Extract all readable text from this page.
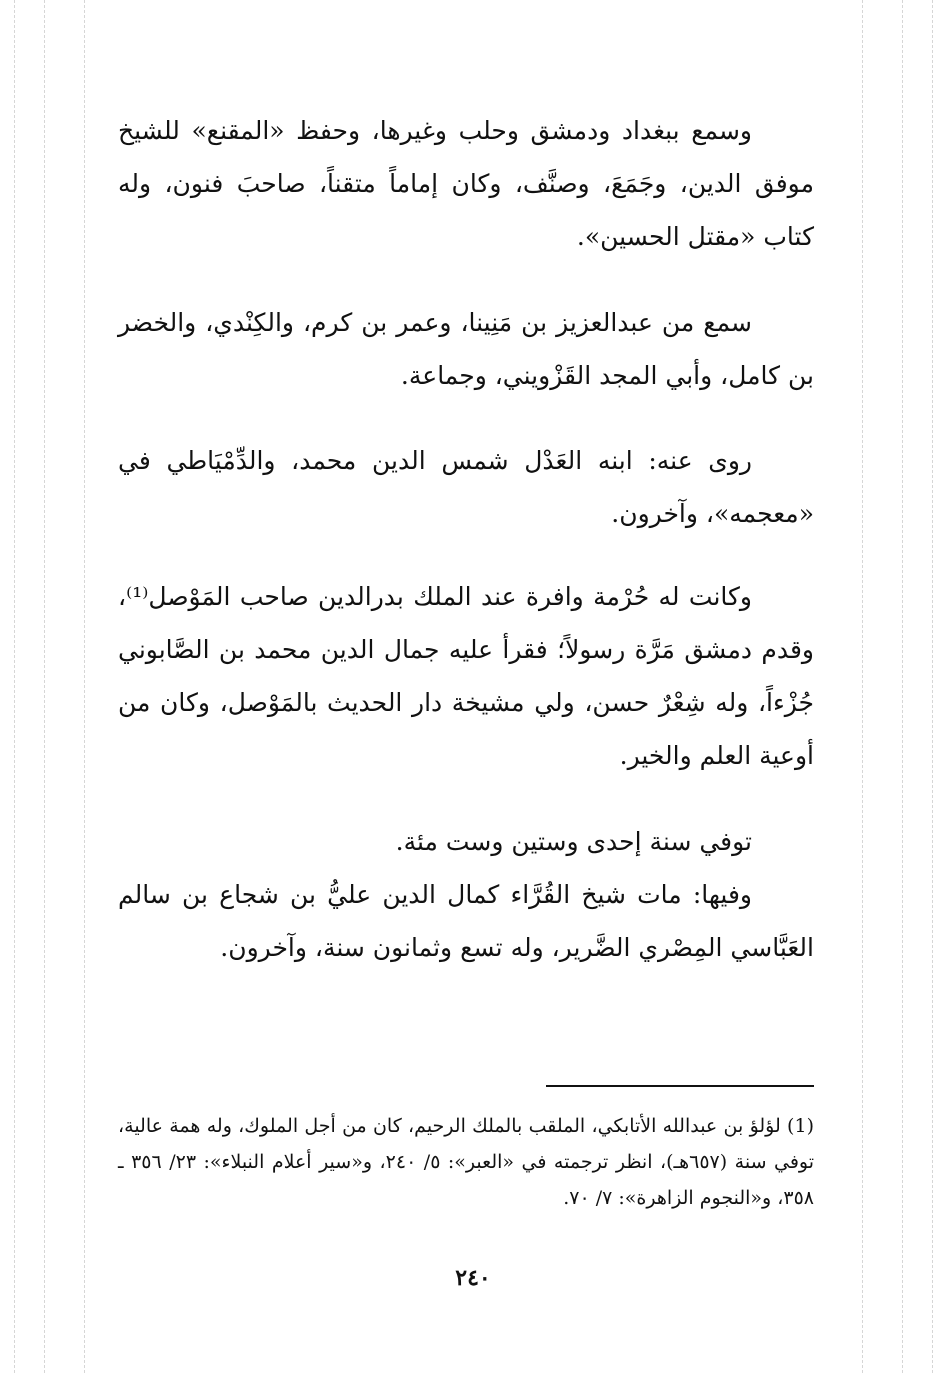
وسمع ببغداد ودمشق وحلب وغيرها، وحفظ «المقنع» للشيخ موفق الدين، وجَمَعَ، وصنَّف، وكان إماماً متقناً، صاحبَ فنون، وله كتاب «مقتل الحسين».

سمع من عبدالعزيز بن مَنِينا، وعمر بن كرم، والكِنْدي، والخضر بن كامل، وأبي المجد القَزْويني، وجماعة.

روى عنه: ابنه العَدْل شمس الدين محمد، والدِّمْيَاطي في «معجمه»، وآخرون.

وكانت له حُرْمة وافرة عند الملك بدرالدين صاحب المَوْصل⁽¹⁾، وقدم دمشق مَرَّة رسولاً؛ فقرأ عليه جمال الدين محمد بن الصَّابوني جُزْءاً، وله شِعْرٌ حسن، ولي مشيخة دار الحديث بالمَوْصل، وكان من أوعية العلم والخير.

توفي سنة إحدى وستين وست مئة.

وفيها: مات شيخ القُرَّاء كمال الدين عليُّ بن شجاع بن سالم العَبَّاسي المِصْري الضَّرير، وله تسع وثمانون سنة، وآخرون.

(1) لؤلؤ بن عبدالله الأتابكي، الملقب بالملك الرحيم، كان من أجل الملوك، وله همة عالية، توفي سنة (٦٥٧هـ)، انظر ترجمته في «العبر»: ٥/ ٢٤٠، و«سير أعلام النبلاء»: ٢٣/ ٣٥٦ ـ ٣٥٨، و«النجوم الزاهرة»: ٧/ ٧٠.

٢٤٠
